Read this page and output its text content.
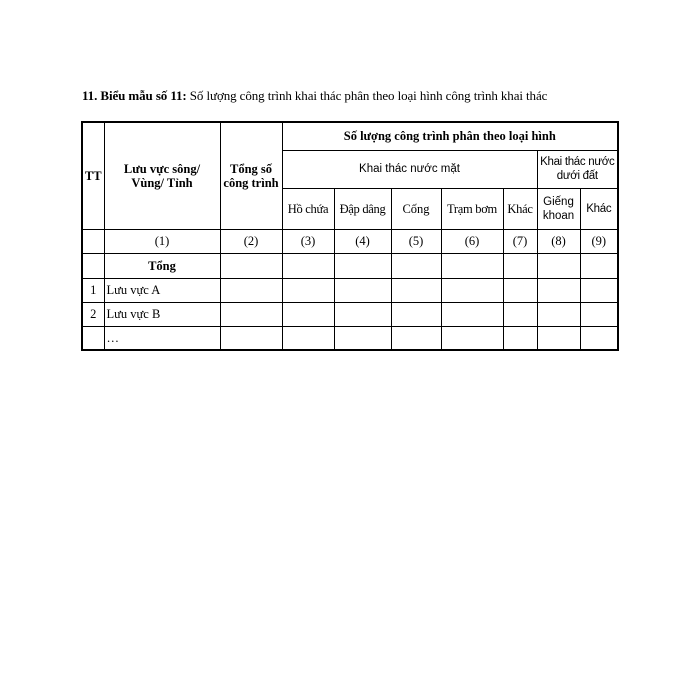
11. Biểu mẫu số 11: Số lượng công trình khai thác phân theo loại hình công trình khai thác
TT	Lưu vực sông/ Vùng/ Tỉnh	Tổng số công trình	Số lượng công trình phân theo loại hình						
			Khai thác nước mặt					Khai thác nước dưới đất	
			Hồ chứa	Đập dâng	Cống	Trạm bơm	Khác	Giếng khoan	Khác
	(1)	(2)	(3)	(4)	(5)	(6)	(7)	(8)	(9)
	Tổng								
1	Lưu vực A								
2	Lưu vực B								
	…								
